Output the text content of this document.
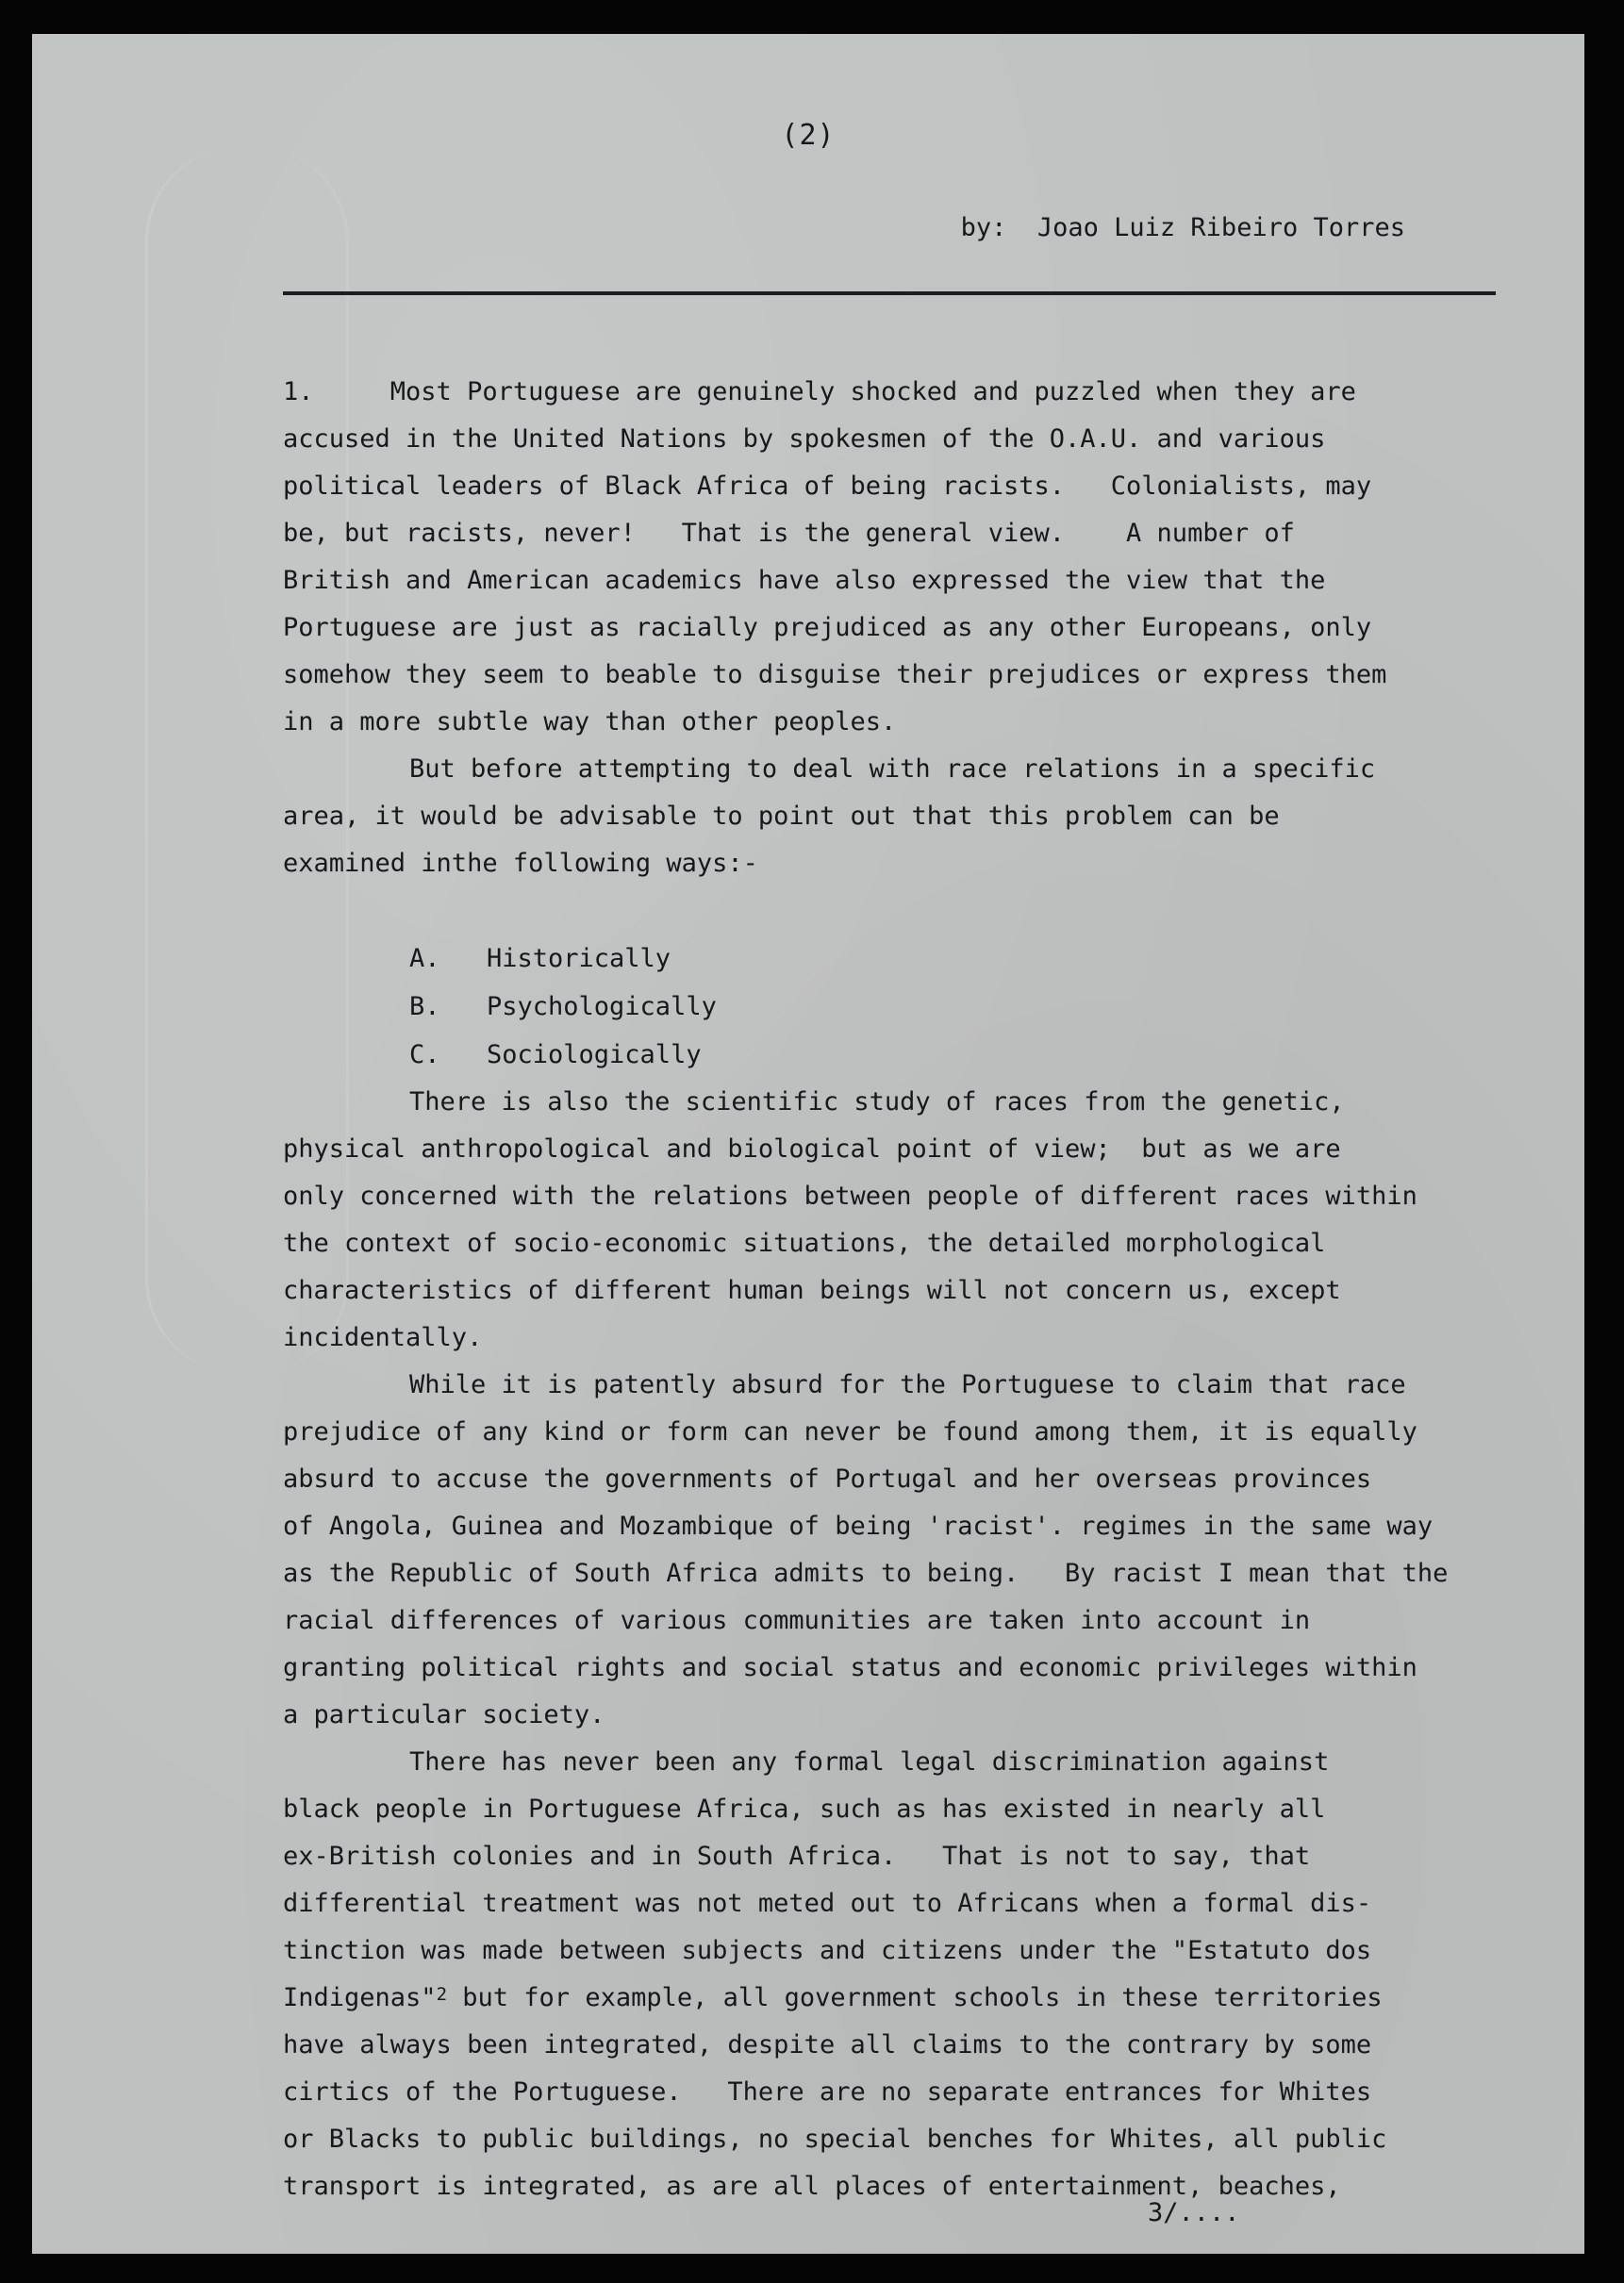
(2)
by:  Joao Luiz Ribeiro Torres
1.     Most Portuguese are genuinely shocked and puzzled when they are
accused in the United Nations by spokesmen of the O.A.U. and various
political leaders of Black Africa of being racists.   Colonialists, may
be, but racists, never!   That is the general view.    A number of
British and American academics have also expressed the view that the
Portuguese are just as racially prejudiced as any other Europeans, only
somehow they seem to beable to disguise their prejudices or express them
in a more subtle way than other peoples.
But before attempting to deal with race relations in a specific
area, it would be advisable to point out that this problem can be
examined inthe following ways:-
A. Historically
B. Psychologically
C. Sociologically
There is also the scientific study of races from the genetic,
physical anthropological and biological point of view;  but as we are
only concerned with the relations between people of different races within
the context of socio-economic situations, the detailed morphological
characteristics of different human beings will not concern us, except
incidentally.
While it is patently absurd for the Portuguese to claim that race
prejudice of any kind or form can never be found among them, it is equally
absurd to accuse the governments of Portugal and her overseas provinces
of Angola, Guinea and Mozambique of being 'racist'. regimes in the same way
as the Republic of South Africa admits to being.   By racist I mean that the
racial differences of various communities are taken into account in
granting political rights and social status and economic privileges within
a particular society.
There has never been any formal legal discrimination against
black people in Portuguese Africa, such as has existed in nearly all
ex-British colonies and in South Africa.   That is not to say, that
differential treatment was not meted out to Africans when a formal dis-
tinction was made between subjects and citizens under the "Estatuto dos
Indigenas"$^2$ but for example, all government schools in these territories
have always been integrated, despite all claims to the contrary by some
cirtics of the Portuguese.   There are no separate entrances for Whites
or Blacks to public buildings, no special benches for Whites, all public
transport is integrated, as are all places of entertainment, beaches,
3/....
